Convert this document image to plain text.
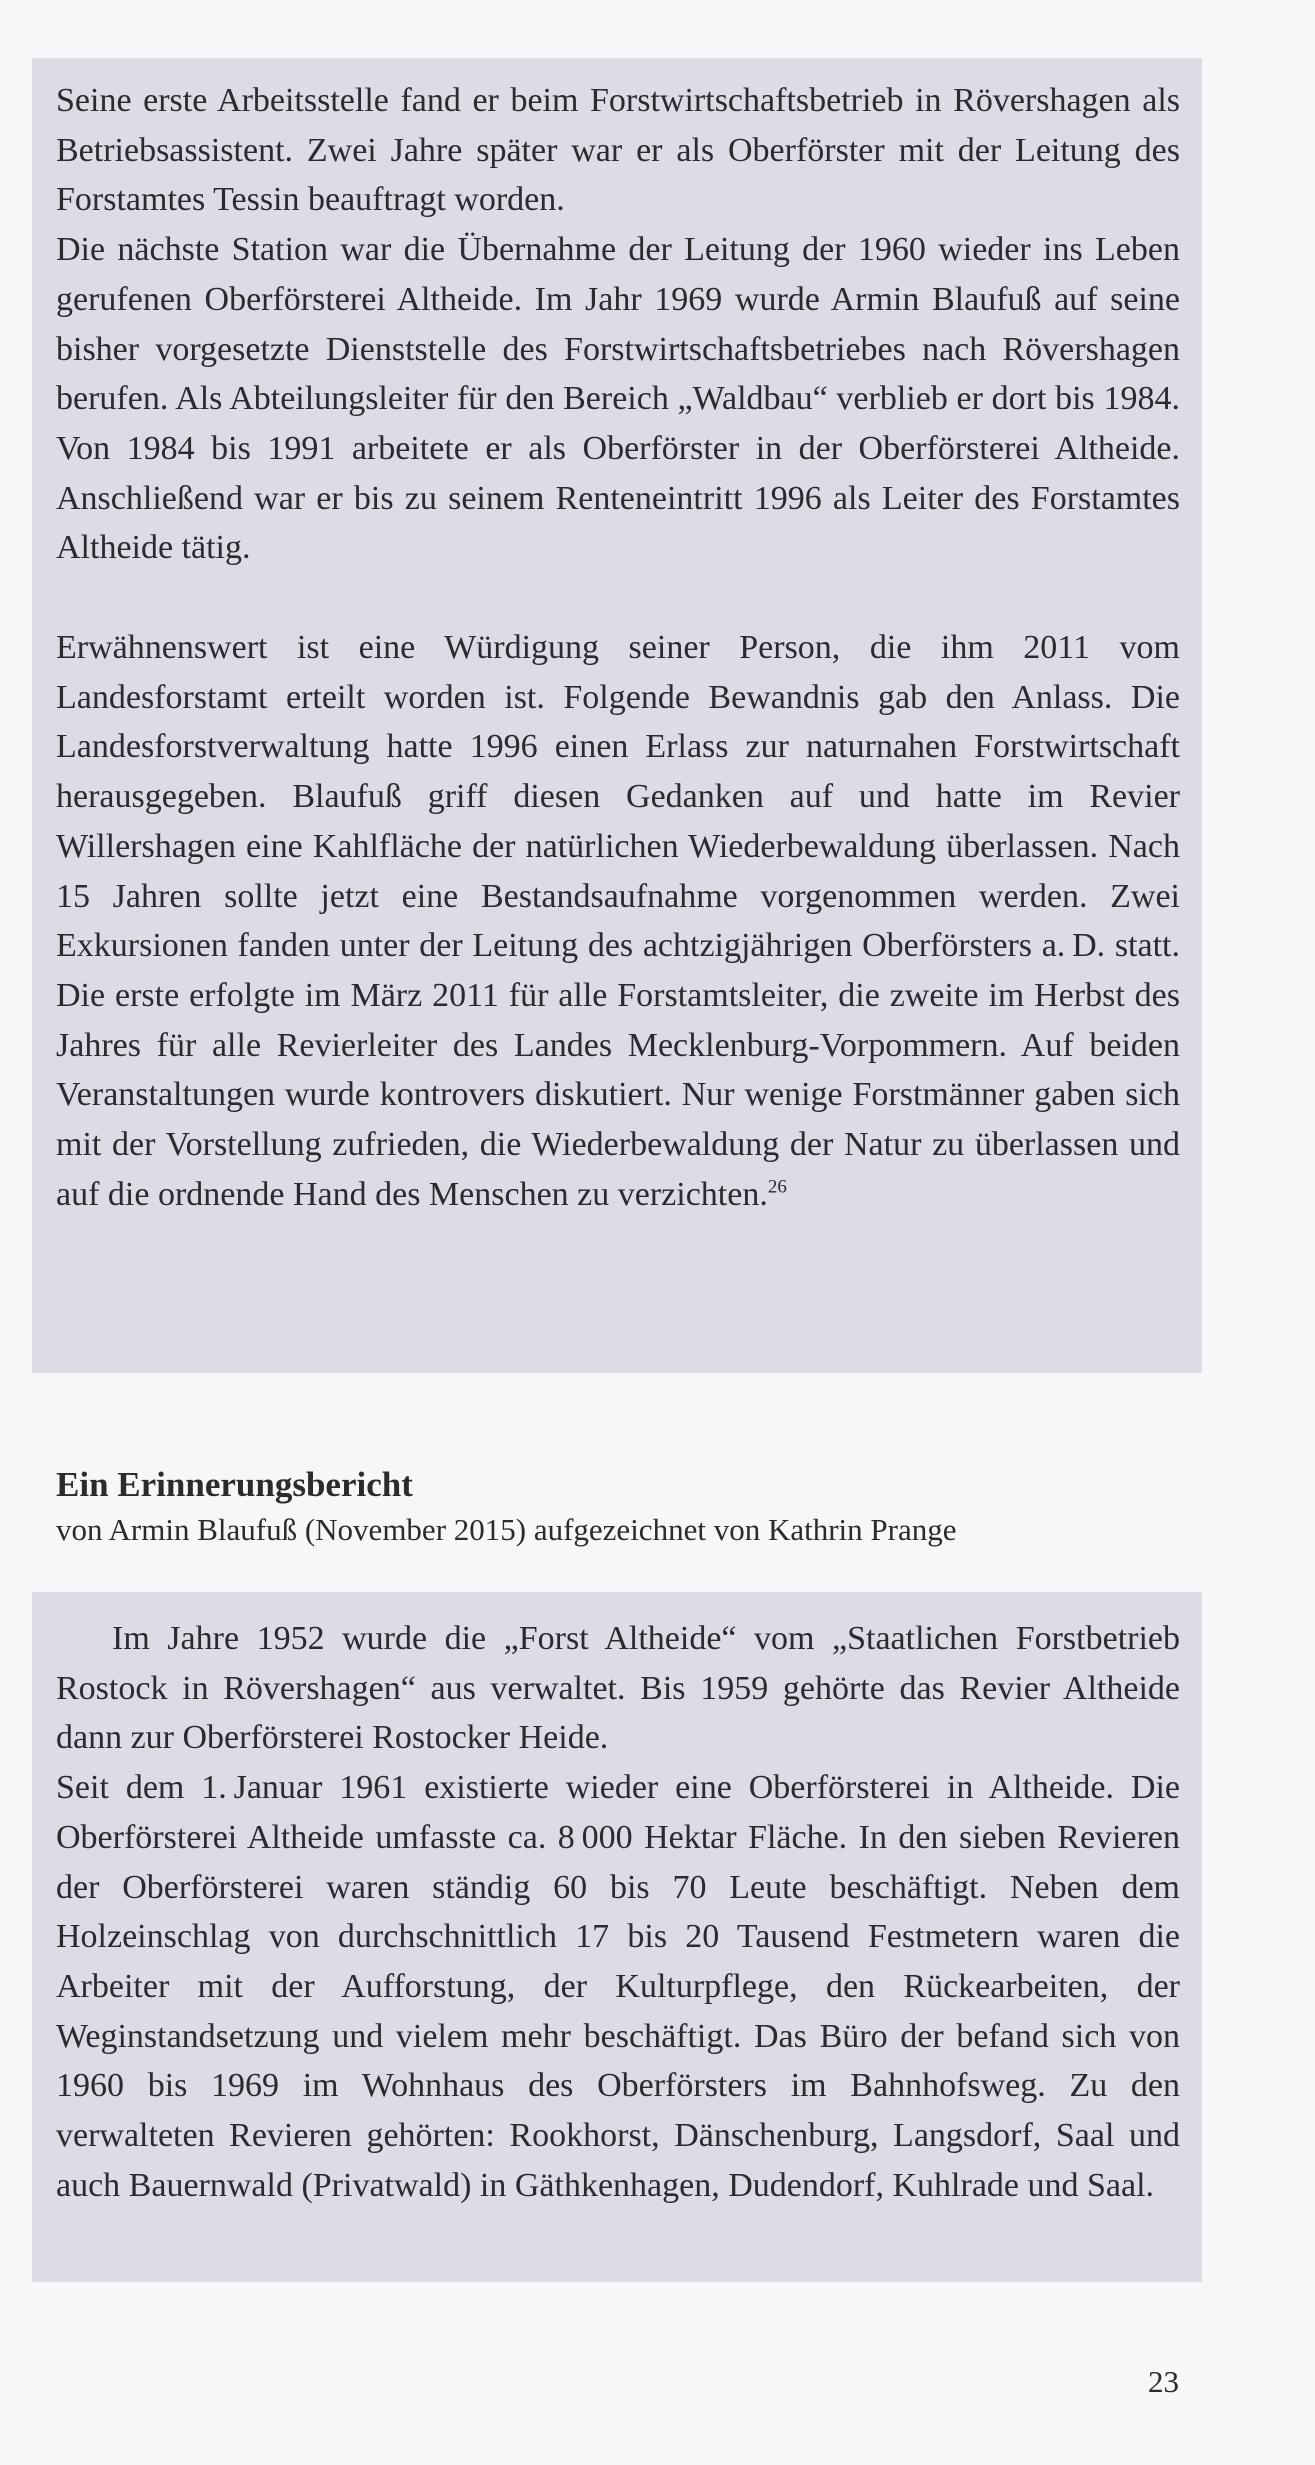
Seine erste Arbeitsstelle fand er beim Forstwirtschaftsbetrieb in Rövershagen als Betriebsassistent. Zwei Jahre später war er als Oberförster mit der Leitung des Forstamtes Tessin beauftragt worden.

Die nächste Station war die Übernahme der Leitung der 1960 wieder ins Leben gerufenen Oberförsterei Altheide. Im Jahr 1969 wurde Armin Blaufuß auf seine bisher vorgesetzte Dienststelle des Forstwirtschaftsbetriebes nach Rövershagen berufen. Als Abteilungsleiter für den Bereich „Waldbau“ verblieb er dort bis 1984. Von 1984 bis 1991 arbeitete er als Oberförster in der Oberförsterei Altheide. Anschließend war er bis zu seinem Renteneintritt 1996 als Leiter des Forstamtes Altheide tätig.

Erwähnenswert ist eine Würdigung seiner Person, die ihm 2011 vom Landesforstamt erteilt worden ist. Folgende Bewandnis gab den Anlass. Die Landesforstverwaltung hatte 1996 einen Erlass zur naturnahen Forstwirtschaft herausgegeben. Blaufuß griff diesen Gedanken auf und hatte im Revier Willershagen eine Kahlfläche der natürlichen Wiederbewaldung überlassen. Nach 15 Jahren sollte jetzt eine Bestandsaufnahme vorgenommen werden. Zwei Exkursionen fanden unter der Leitung des achtzigjährigen Oberförsters a. D. statt. Die erste erfolgte im März 2011 für alle Forstamtsleiter, die zweite im Herbst des Jahres für alle Revierleiter des Landes Mecklenburg-Vorpommern. Auf beiden Veranstaltungen wurde kontrovers diskutiert. Nur wenige Forstmänner gaben sich mit der Vorstellung zufrieden, die Wiederbewaldung der Natur zu überlassen und auf die ordnende Hand des Menschen zu verzichten.$^{26}$

Ein Erinnerungsbericht

von Armin Blaufuß (November 2015) aufgezeichnet von Kathrin Prange

Im Jahre 1952 wurde die „Forst Altheide“ vom „Staatlichen Forstbetrieb Rostock in Rövershagen“ aus verwaltet. Bis 1959 gehörte das Revier Altheide dann zur Oberförsterei Rostocker Heide.

Seit dem 1. Januar 1961 existierte wieder eine Oberförsterei in Altheide. Die Oberförsterei Altheide umfasste ca. 8 000 Hektar Fläche. In den sieben Revieren der Oberförsterei waren ständig 60 bis 70 Leute beschäftigt. Neben dem Holzeinschlag von durchschnittlich 17 bis 20 Tausend Festmetern waren die Arbeiter mit der Aufforstung, der Kulturpflege, den Rückearbeiten, der Weginstandsetzung und vielem mehr beschäftigt. Das Büro der befand sich von 1960 bis 1969 im Wohnhaus des Oberförsters im Bahnhofsweg. Zu den verwalteten Revieren gehörten: Rookhorst, Dänschenburg, Langsdorf, Saal und auch Bauernwald (Privatwald) in Gäthkenhagen, Dudendorf, Kuhlrade und Saal.

23
